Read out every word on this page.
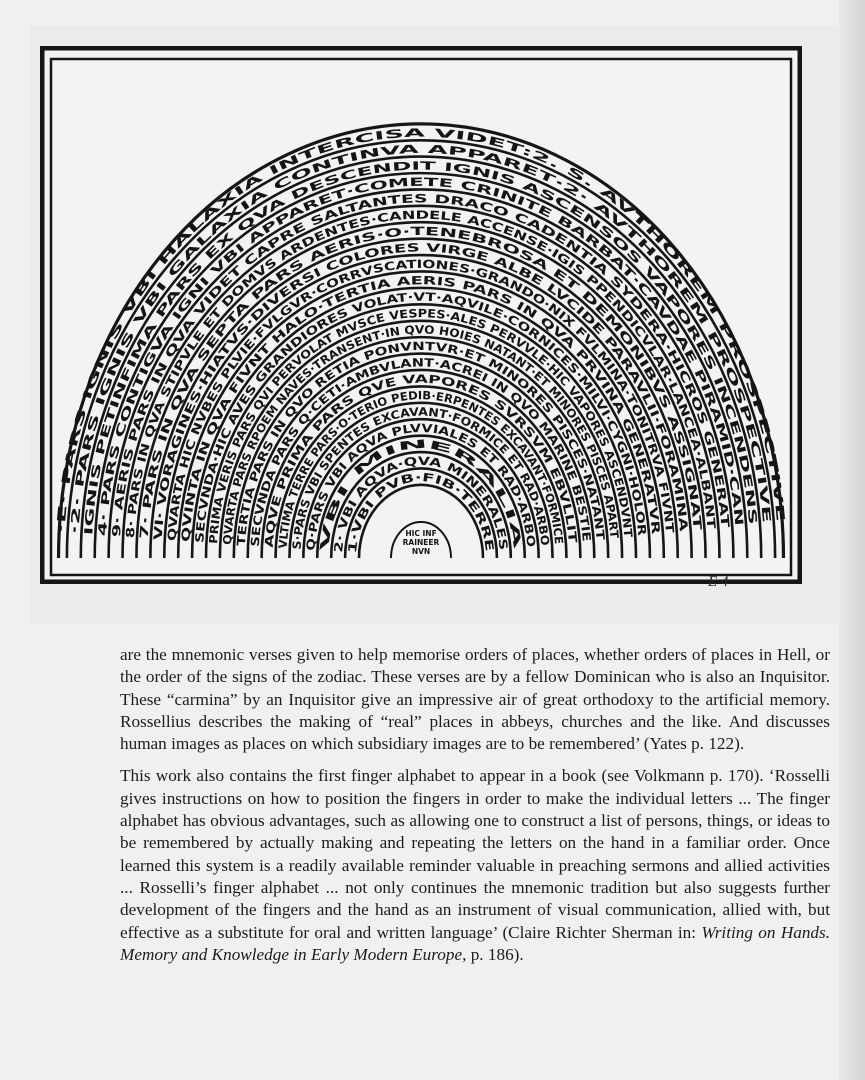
·E· PARS IGNIS VBI HALAXIA INTERCISA VIDET:2. S. AVTHOREM PROSPECTIVE
·2· PARS IGNIS VBI GALAXIA CONTINVA APPARET·2· AVTHOREM PROSPECTIVE
IGNIS PETINFIMA PARS EX QVA DESCENDIT IGNIS ASCENSOS VAPORES INCENDENS
4· PARS CONTIGVA IGNI VBI APPARET·COMETE CRINITE BARBAT·CAVDAE PIRAMID·CAN
9· AERIS PARS IN QVA VIDET CAPRE SALTANTES DRACO CADENTIA SYDERA·HICROS GENERAT
8· PARS IN QVA STIPVLE ET DOMVS ARDENTES·CANDELE ACCENSE·IGIS PPENDICVLAR·LANCEA·ALBANT
7· PARS IN QVA SEPTA PARS AERIS·O·TENEBROSA ET DEMONIBVS ASSIGNAT
VI· VORAGINES·HIATVS·DIVERSI COLORES VIRGE ALBE LVCIDE PARAVLII·FORAMINA
QVARTA HIC NVBES PLVIE·FVLGVR·CORRVSCATIONES·GRANDO·NIX FVLMINA·TONITRVA FIVNT
QVINTA IN QVA FIVNT HALO·TERTIA AERIS PARS IN QVA PRVINA GENERATVR
SECVNDA·HIC AVES GRANDIORES VOLAT·VT·AQVILE·CORNICES·MILVI·CYGNI·HOLOR
PRIMA VERIS PARS QVI PERVOLAT MVSCE VESPES·ALES PERVVLE·HIC VAPORES ASCENDVNT
QVARTA PARS RPOEM NAVES·TRANSENT·IN QVO HOIES NATANT·ET MINORES PISCES APART
TERTIA PARS IN QVO RETIA PONVNTVR·ET MINORES PISCES·NATANT
SECVNDA PARS Q·CETI·AMBVLANT·ACREI IN QVO MARINE BESTIE
AQVE PRIMA PARS QVE VAPORES SVRSVM EBVLLIT
VLTIMA TERRE PARS·O·TERIO PEDIB·ERPENTES EXCAVANT·FORMICE
S·PARS VBI SPENTES EXCAVANT·FORMICE ET RAD·ARBO
Q·PARS VBI AQVA PLVVIALES ET RAD·ARBO
VBI MINERALIA
2· VBI AQVA·QVA MINERALES
1·VBI PVB·FIB·TERRE
HIC INF
RAINEER
NVN
E 4

are the mnemonic verses given to help memorise orders of places, whether orders of places in Hell, or the order of the signs of the zodiac. These verses are by a fellow Dominican who is also an Inquisitor. These “carmina” by an Inquisitor give an impressive air of great orthodoxy to the artificial memory. Rossellius describes the making of “real” places in abbeys, churches and the like. And discusses human images as places on which subsidiary images are to be remembered’ (Yates p. 122).

This work also contains the first finger alphabet to appear in a book (see Volkmann p. 170). ‘Rosselli gives instructions on how to position the fingers in order to make the individual letters ... The finger alphabet has obvious advantages, such as allowing one to construct a list of persons, things, or ideas to be remembered by actually making and repeating the letters on the hand in a familiar order. Once learned this system is a readily available reminder valuable in preaching sermons and allied activities ... Rosselli’s finger alphabet ... not only continues the mnemonic tradition but also suggests further development of the fingers and the hand as an instrument of visual communication, allied with, but effective as a substitute for oral and written language’ (Claire Richter Sherman in: Writing on Hands. Memory and Knowledge in Early Modern Europe, p. 186).
